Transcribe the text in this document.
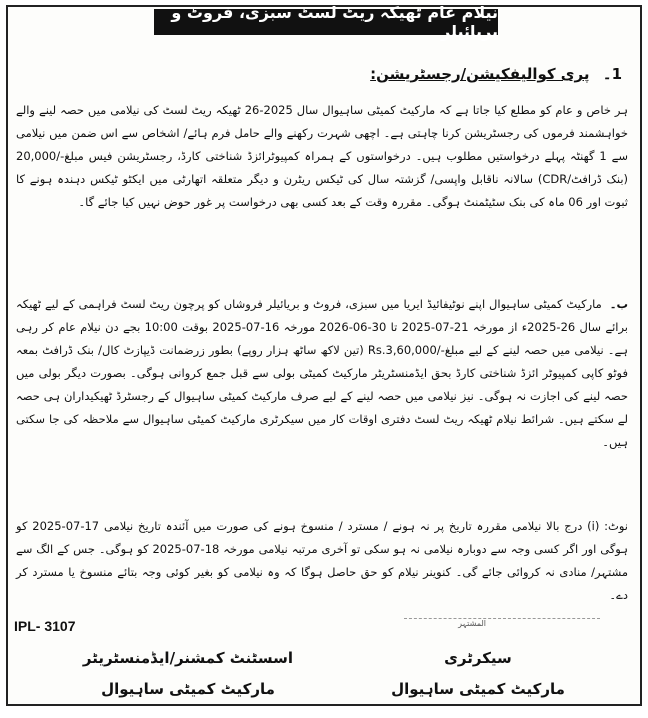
نیلام عام ٹھیکہ ریٹ لسٹ سبزی، فروٹ و بریائیلر
1۔ پری کوالیفکیشن/رجسٹریشن:
ہر خاص و عام کو مطلع کیا جاتا ہے کہ مارکیٹ کمیٹی ساہیوال سال 2025-26 ٹھیکہ ریٹ لسٹ کی نیلامی میں حصہ لینے والے خواہشمند فرموں کی رجسٹریشن کرنا چاہتی ہے۔ اچھی شہرت رکھنے والے حامل فرم ہائے/ اشخاص سے اس ضمن میں نیلامی سے 1 گھنٹہ پہلے درخواستیں مطلوب ہیں۔ درخواستوں کے ہمراہ کمپیوٹرائزڈ شناختی کارڈ، رجسٹریشن فیس مبلغ-/20,000 (بنک ڈرافٹ/CDR) سالانہ ناقابل واپسی/ گزشتہ سال کی ٹیکس ریٹرن و دیگر متعلقہ اتھارٹی میں ایکٹو ٹیکس دہندہ ہونے کا ثبوت اور 06 ماہ کی بنک سٹیٹمنٹ ہوگی۔ مقررہ وقت کے بعد کسی بھی درخواست پر غور حوض نہیں کیا جائے گا۔
ب۔ مارکیٹ کمیٹی ساہیوال اپنے نوٹیفائیڈ ایریا میں سبزی، فروٹ و بریائیلر فروشاں کو پرچون ریٹ لسٹ فراہمی کے لیے ٹھیکہ برائے سال 26-2025ء از مورخہ 21-07-2025 تا 30-06-2026 مورخہ 16-07-2025 بوقت 10:00 بجے دن نیلام عام کر رہی ہے۔ نیلامی میں حصہ لینے کے لیے مبلغ-/Rs.3,60,000 (تین لاکھ ساٹھ ہزار روپے) بطور زرضمانت ڈیپازٹ کال/ بنک ڈرافٹ بمعہ فوٹو کاپی کمپیوٹر ائزڈ شناختی کارڈ بحق ایڈمنسٹریٹر مارکیٹ کمیٹی بولی سے قبل جمع کروانی ہوگی۔ بصورت دیگر بولی میں حصہ لینے کی اجازت نہ ہوگی۔ نیز نیلامی میں حصہ لینے کے لیے صرف مارکیٹ کمیٹی ساہیوال کے رجسٹرڈ ٹھیکیداران ہی حصہ لے سکتے ہیں۔ شرائط نیلام ٹھیکہ ریٹ لسٹ دفتری اوقات کار میں سیکرٹری مارکیٹ کمیٹی ساہیوال سے ملاحظہ کی جا سکتی ہیں۔
نوٹ: (i) درج بالا نیلامی مقررہ تاریخ پر نہ ہونے / مسترد / منسوخ ہونے کی صورت میں آئندہ تاریخ نیلامی 17-07-2025 کو ہوگی اور اگر کسی وجہ سے دوبارہ نیلامی نہ ہو سکی تو آخری مرتبہ نیلامی مورخہ 18-07-2025 کو ہوگی۔ جس کے الگ سے مشتہر/ منادی نہ کروائی جائے گی۔ کنوینر نیلام کو حق حاصل ہوگا کہ وہ نیلامی کو بغیر کوئی وجہ بتائے منسوخ یا مسترد کر دے۔
المشتہر
IPL- 3107
سیکرٹری
مارکیٹ کمیٹی ساہیوال
اسسٹنٹ کمشنر/ایڈمنسٹریٹر
مارکیٹ کمیٹی ساہیوال
